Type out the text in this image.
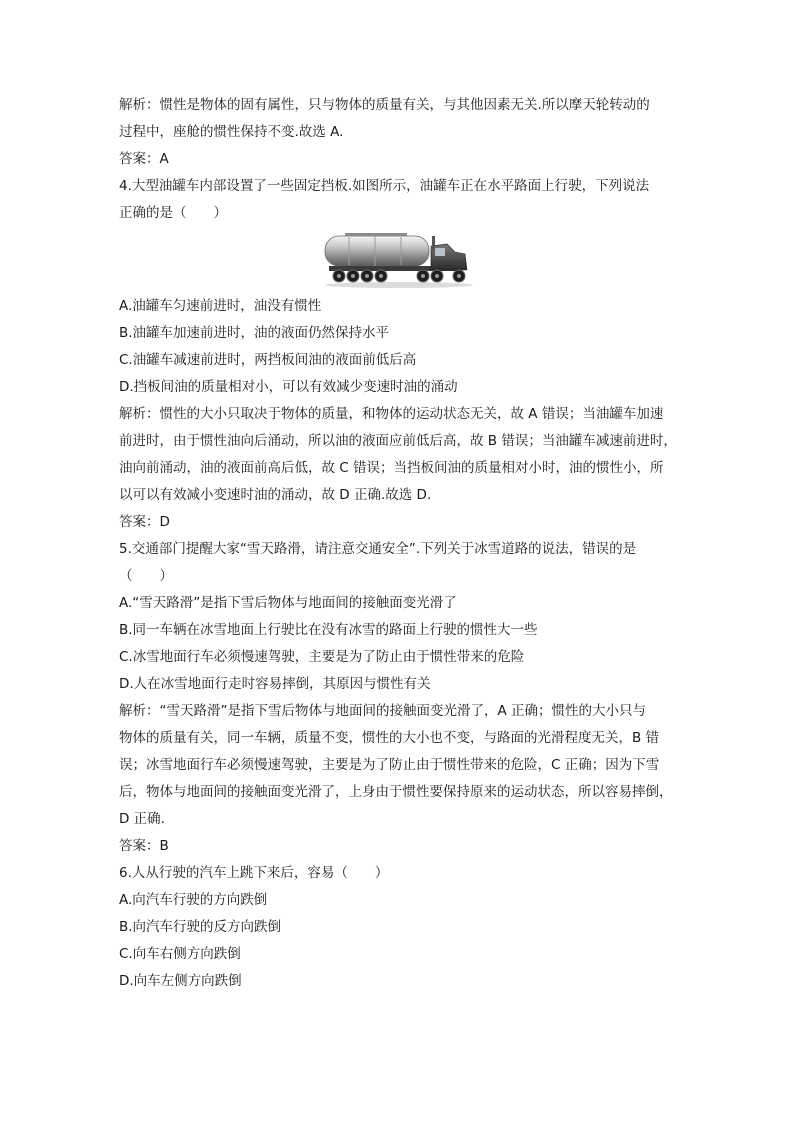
解析：惯性是物体的固有属性，只与物体的质量有关，与其他因素无关.所以摩天轮转动的
过程中，座舱的惯性保持不变.故选 A.
答案：A
4.大型油罐车内部设置了一些固定挡板.如图所示，油罐车正在水平路面上行驶，下列说法
正确的是（　　）
A.油罐车匀速前进时，油没有惯性
B.油罐车加速前进时，油的液面仍然保持水平
C.油罐车减速前进时，两挡板间油的液面前低后高
D.挡板间油的质量相对小，可以有效减少变速时油的涌动
解析：惯性的大小只取决于物体的质量，和物体的运动状态无关，故 A 错误；当油罐车加速
前进时，由于惯性油向后涌动，所以油的液面应前低后高，故 B 错误；当油罐车减速前进时，
油向前涌动，油的液面前高后低，故 C 错误；当挡板间油的质量相对小时，油的惯性小，所
以可以有效减小变速时油的涌动，故 D 正确.故选 D.
答案：D
5.交通部门提醒大家“雪天路滑，请注意交通安全”.下列关于冰雪道路的说法，错误的是
（　　）
A.“雪天路滑”是指下雪后物体与地面间的接触面变光滑了
B.同一车辆在冰雪地面上行驶比在没有冰雪的路面上行驶的惯性大一些
C.冰雪地面行车必须慢速驾驶，主要是为了防止由于惯性带来的危险
D.人在冰雪地面行走时容易摔倒，其原因与惯性有关
解析：“雪天路滑”是指下雪后物体与地面间的接触面变光滑了，A 正确；惯性的大小只与
物体的质量有关，同一车辆，质量不变，惯性的大小也不变，与路面的光滑程度无关，B 错
误；冰雪地面行车必须慢速驾驶，主要是为了防止由于惯性带来的危险，C 正确；因为下雪
后，物体与地面间的接触面变光滑了，上身由于惯性要保持原来的运动状态，所以容易摔倒，
D 正确.
答案：B
6.人从行驶的汽车上跳下来后，容易（　　）
A.向汽车行驶的方向跌倒
B.向汽车行驶的反方向跌倒
C.向车右侧方向跌倒
D.向车左侧方向跌倒
